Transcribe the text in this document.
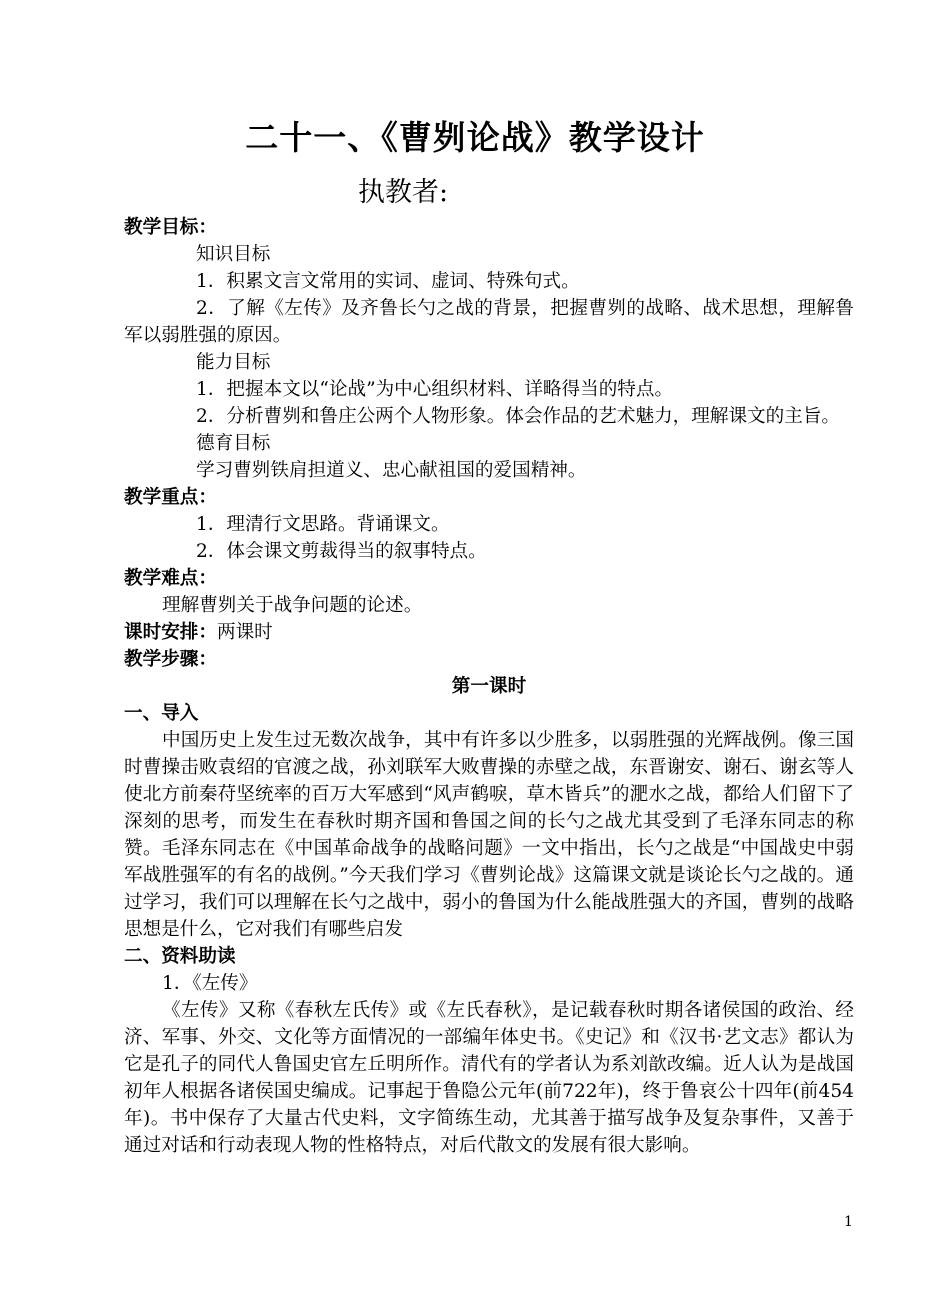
二十一、《曹刿论战》教学设计
执教者:

教学目标：

知识目标

1．积累文言文常用的实词、虚词、特殊句式。

2．了解《左传》及齐鲁长勺之战的背景，把握曹刿的战略、战术思想，理解鲁军以弱胜强的原因。

能力目标

1．把握本文以“论战”为中心组织材料、详略得当的特点。

2．分析曹刿和鲁庄公两个人物形象。体会作品的艺术魅力，理解课文的主旨。

德育目标

学习曹刿铁肩担道义、忠心献祖国的爱国精神。

教学重点：

1．理清行文思路。背诵课文。

2．体会课文剪裁得当的叙事特点。

教学难点：

理解曹刿关于战争问题的论述。

课时安排：两课时

教学步骤：

第一课时

一、导入

中国历史上发生过无数次战争，其中有许多以少胜多，以弱胜强的光辉战例。像三国时曹操击败袁绍的官渡之战，孙刘联军大败曹操的赤壁之战，东晋谢安、谢石、谢玄等人使北方前秦苻坚统率的百万大军感到“风声鹤唳，草木皆兵”的淝水之战，都给人们留下了深刻的思考，而发生在春秋时期齐国和鲁国之间的长勺之战尤其受到了毛泽东同志的称赞。毛泽东同志在《中国革命战争的战略问题》一文中指出，长勺之战是“中国战史中弱军战胜强军的有名的战例。”今天我们学习《曹刿论战》这篇课文就是谈论长勺之战的。通过学习，我们可以理解在长勺之战中，弱小的鲁国为什么能战胜强大的齐国，曹刿的战略思想是什么，它对我们有哪些启发

二、资料助读

1．《左传》

《左传》又称《春秋左氏传》或《左氏春秋》，是记载春秋时期各诸侯国的政治、经济、军事、外交、文化等方面情况的一部编年体史书。《史记》和《汉书·艺文志》都认为它是孔子的同代人鲁国史官左丘明所作。清代有的学者认为系刘歆改编。近人认为是战国初年人根据各诸侯国史编成。记事起于鲁隐公元年(前722年)，终于鲁哀公十四年(前454年)。书中保存了大量古代史料，文字简练生动，尤其善于描写战争及复杂事件，又善于通过对话和行动表现人物的性格特点，对后代散文的发展有很大影响。

1
